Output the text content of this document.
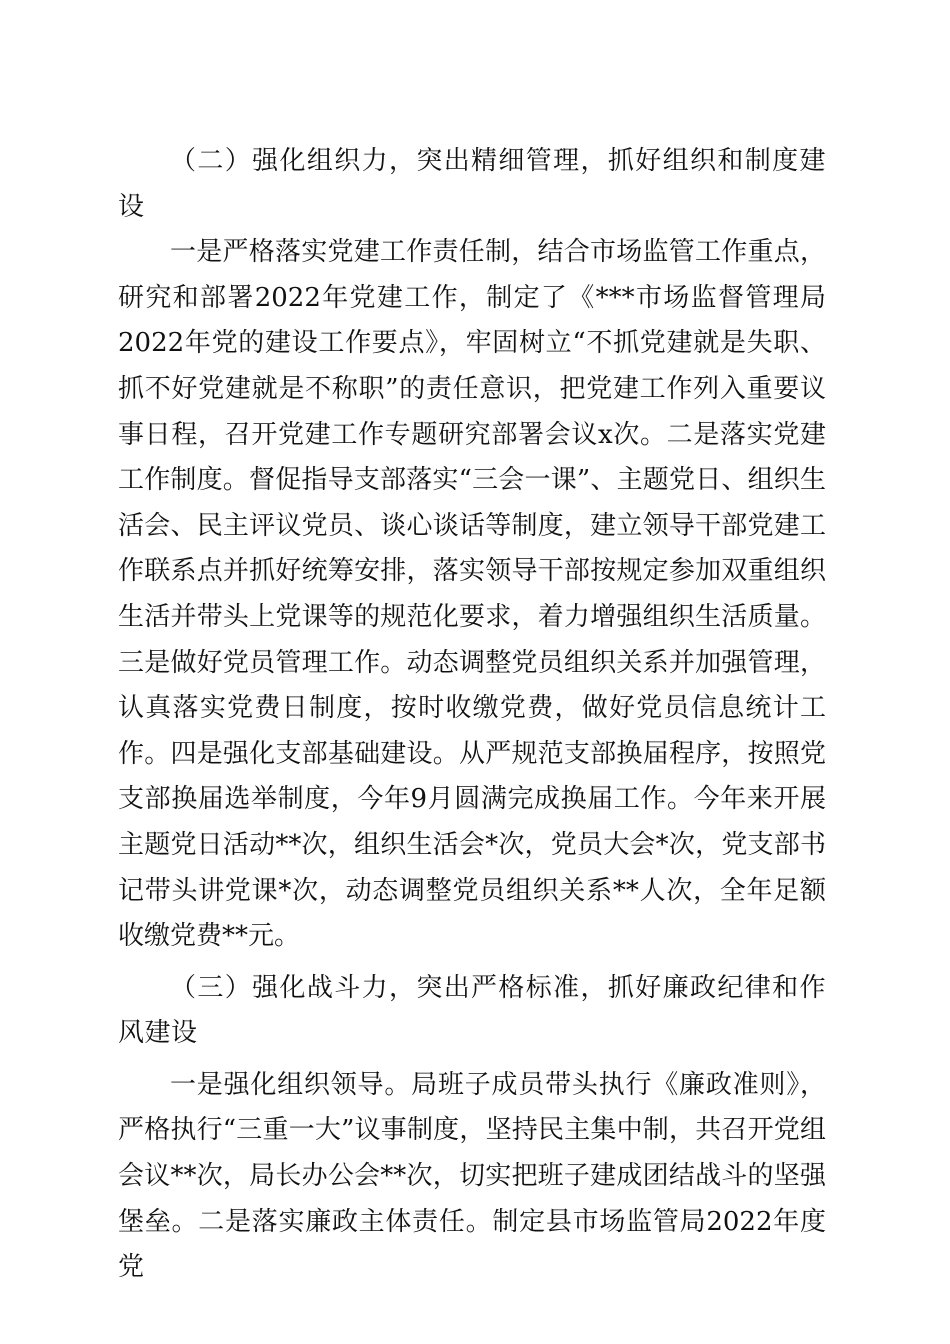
（二）强化组织力，突出精细管理，抓好组织和制度建设

一是严格落实党建工作责任制，结合市场监管工作重点，研究和部署2022年党建工作，制定了《***市场监督管理局2022年党的建设工作要点》，牢固树立“不抓党建就是失职、抓不好党建就是不称职”的责任意识，把党建工作列入重要议事日程，召开党建工作专题研究部署会议x次。二是落实党建工作制度。督促指导支部落实“三会一课”、主题党日、组织生活会、民主评议党员、谈心谈话等制度，建立领导干部党建工作联系点并抓好统筹安排，落实领导干部按规定参加双重组织生活并带头上党课等的规范化要求，着力增强组织生活质量。三是做好党员管理工作。动态调整党员组织关系并加强管理，认真落实党费日制度，按时收缴党费，做好党员信息统计工作。四是强化支部基础建设。从严规范支部换届程序，按照党支部换届选举制度，今年9月圆满完成换届工作。今年来开展主题党日活动**次，组织生活会*次，党员大会*次，党支部书记带头讲党课*次，动态调整党员组织关系**人次，全年足额收缴党费**元。

（三）强化战斗力，突出严格标准，抓好廉政纪律和作风建设

一是强化组织领导。局班子成员带头执行《廉政准则》，严格执行“三重一大”议事制度，坚持民主集中制，共召开党组会议**次，局长办公会**次，切实把班子建成团结战斗的坚强堡垒。二是落实廉政主体责任。制定县市场监管局2022年度党
